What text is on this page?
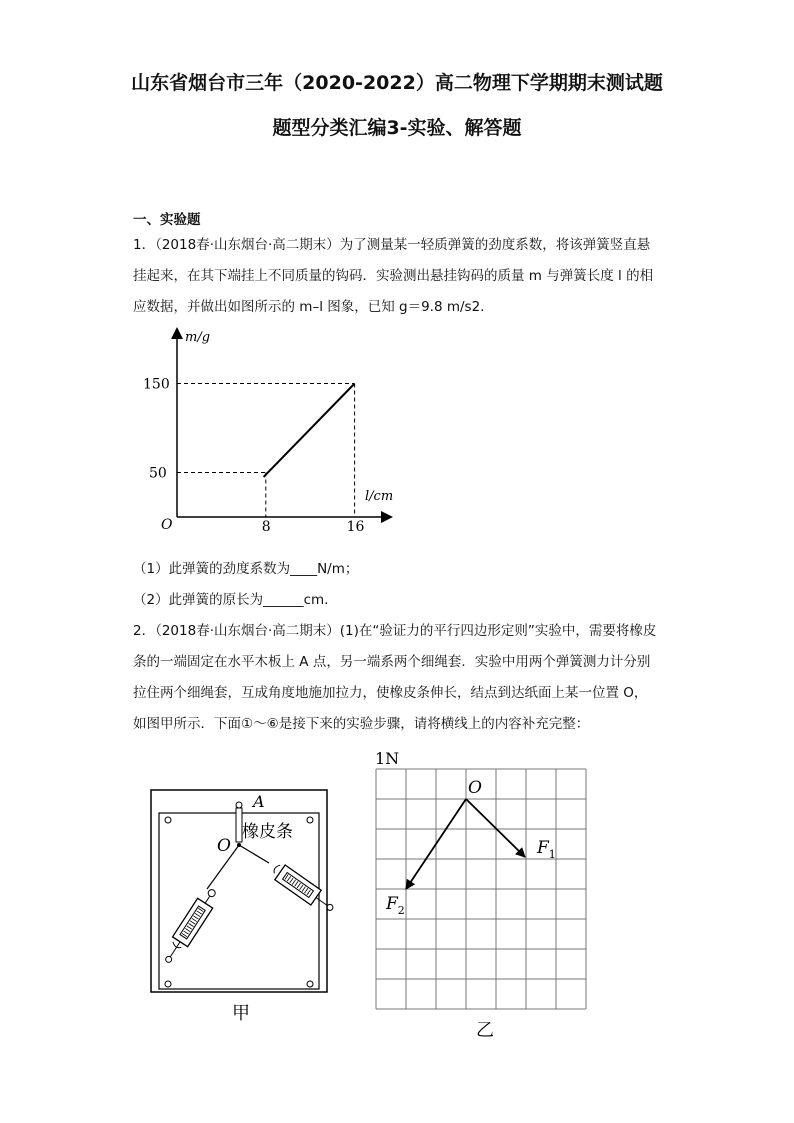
山东省烟台市三年（2020-2022）高二物理下学期期末测试题
题型分类汇编3-实验、解答题
一、实验题
1．（2018春·山东烟台·高二期末）为了测量某一轻质弹簧的劲度系数，将该弹簧竖直悬
挂起来，在其下端挂上不同质量的钩码．实验测出悬挂钩码的质量 m 与弹簧长度 l 的相
应数据，并做出如图所示的 m–l 图象，已知 g＝9.8 m/s2.
m/g
l/cm
O
150
50
8	16
（1）此弹簧的劲度系数为____N/m；
（2）此弹簧的原长为______cm.
2．（2018春·山东烟台·高二期末）(1)在“验证力的平行四边形定则”实验中，需要将橡皮
条的一端固定在水平木板上 A 点，另一端系两个细绳套．实验中用两个弹簧测力计分别
拉住两个细绳套，互成角度地施加拉力，使橡皮条伸长，结点到达纸面上某一位置 O，
如图甲所示．下面①～⑥是接下来的实验步骤，请将横线上的内容补充完整：
A
橡皮条
O
甲
1N
O
$F_1$
$F_2$
乙
